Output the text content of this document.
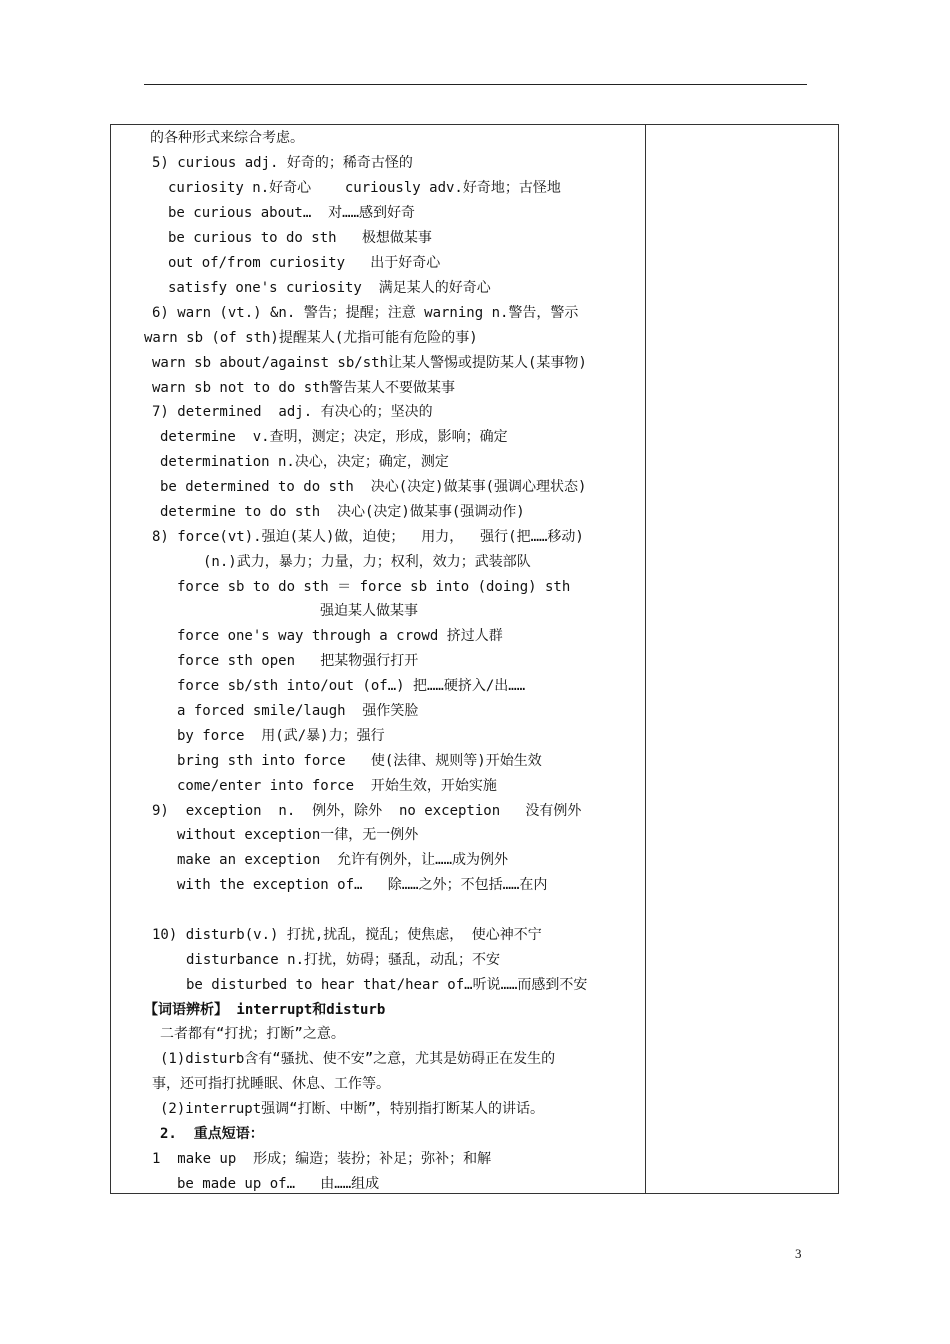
的各种形式来综合考虑。
5) curious adj. 好奇的；稀奇古怪的
curiosity n.好奇心    curiously adv.好奇地；古怪地
be curious about…  对……感到好奇
be curious to do sth   极想做某事
out of/from curiosity   出于好奇心
satisfy one's curiosity  满足某人的好奇心
6) warn (vt.) &n. 警告；提醒；注意 warning n.警告，警示
warn sb (of sth)提醒某人(尤指可能有危险的事)
warn sb about/against sb/sth让某人警惕或提防某人(某事物)
warn sb not to do sth警告某人不要做某事
7) determined  adj. 有决心的；坚决的
determine  v.查明，测定；决定，形成，影响；确定
determination n.决心，决定；确定，测定
be determined to do sth  决心(决定)做某事(强调心理状态)
determine to do sth  决心(决定)做某事(强调动作)
8) force(vt).强迫(某人)做，迫使；  用力，  强行(把……移动)
(n.)武力，暴力；力量，力；权利，效力；武装部队
force sb to do sth ＝ force sb into (doing) sth
强迫某人做某事
force one's way through a crowd 挤过人群
force sth open   把某物强行打开
force sb/sth into/out (of…) 把……硬挤入/出……
a forced smile/laugh  强作笑脸
by force  用(武/暴)力；强行
bring sth into force   使(法律、规则等)开始生效
come/enter into force  开始生效，开始实施
9)  exception  n.  例外，除外  no exception   没有例外
without exception一律，无一例外
make an exception  允许有例外，让……成为例外
with the exception of…   除……之外；不包括……在内
10) disturb(v.) 打扰,扰乱，搅乱；使焦虑， 使心神不宁
disturbance n.打扰，妨碍；骚乱，动乱；不安
be disturbed to hear that/hear of…听说……而感到不安
【词语辨析】 interrupt和disturb
二者都有“打扰；打断”之意。
(1)disturb含有“骚扰、使不安”之意，尤其是妨碍正在发生的
事，还可指打扰睡眠、休息、工作等。
(2)interrupt强调“打断、中断”，特别指打断某人的讲话。
2.  重点短语：
1  make up  形成；编造；装扮；补足；弥补；和解
be made up of…   由……组成
3
